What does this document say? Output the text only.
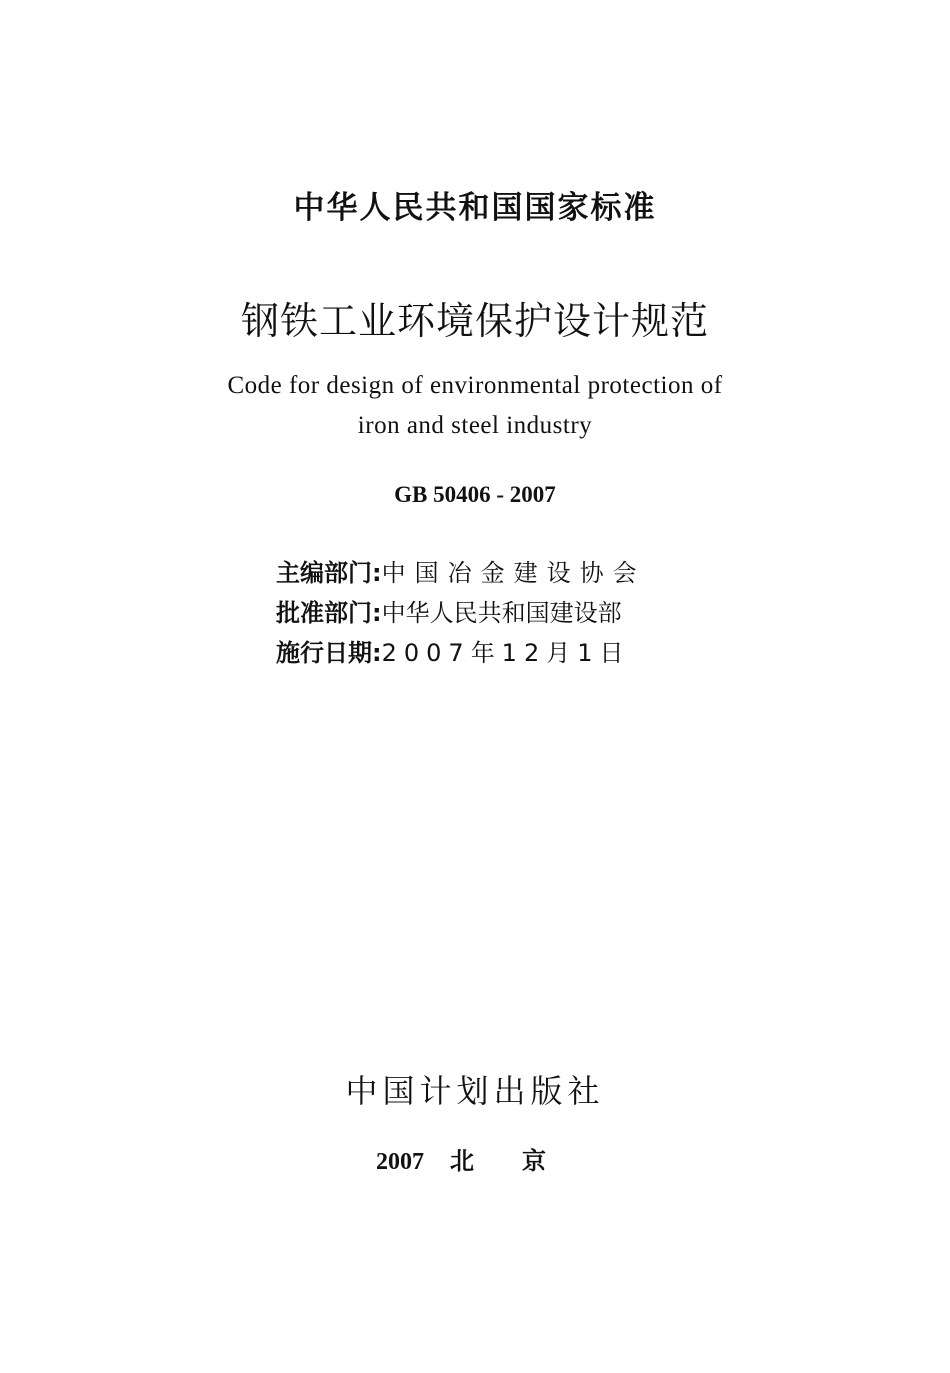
中华人民共和国国家标准
钢铁工业环境保护设计规范
Code for design of environmental protection of
iron and steel industry
GB 50406 - 2007
主编部门:中国冶金建设协会
批准部门:中华人民共和国建设部
施行日期:2007年12月1日
中国计划出版社
2007 北京
